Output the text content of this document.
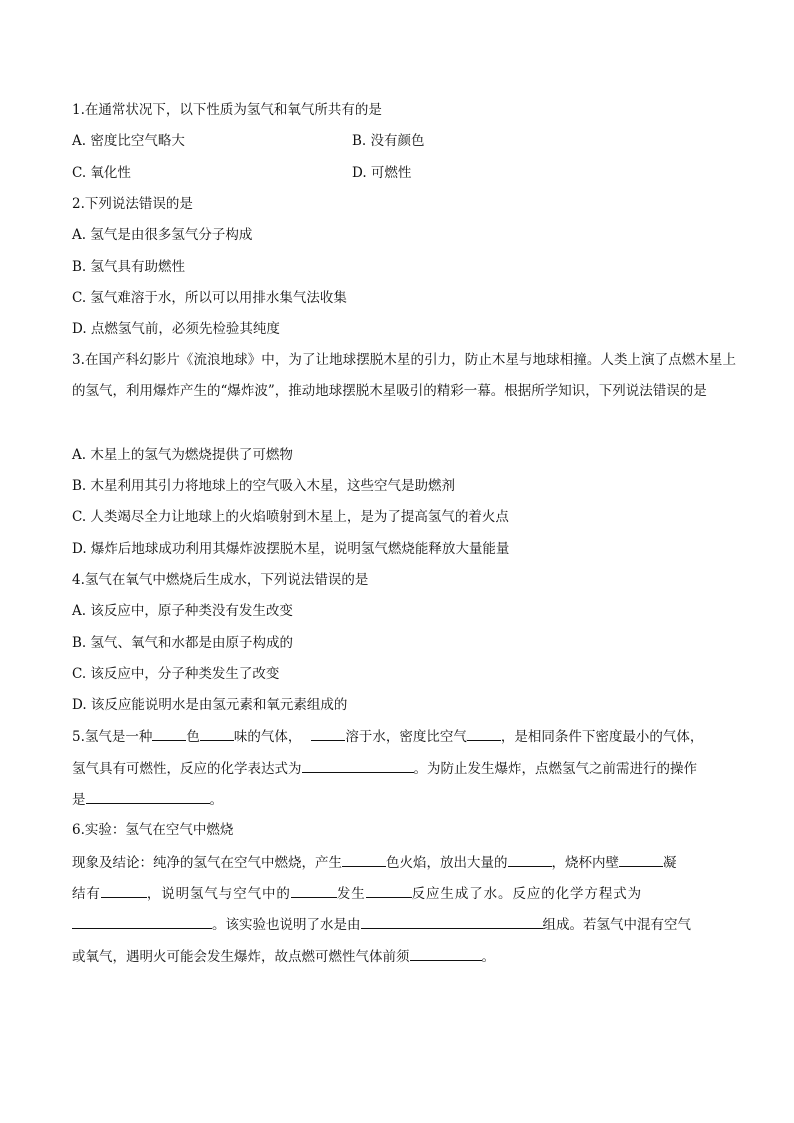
1.在通常状况下，以下性质为氢气和氧气所共有的是
A. 密度比空气略大	B. 没有颜色
C. 氧化性	D. 可燃性
2.下列说法错误的是
A. 氢气是由很多氢气分子构成
B. 氢气具有助燃性
C. 氢气难溶于水，所以可以用排水集气法收集
D. 点燃氢气前，必须先检验其纯度
3.在国产科幻影片《流浪地球》中，为了让地球摆脱木星的引力，防止木星与地球相撞。人类上演了点燃木星上的氢气，利用爆炸产生的“爆炸波”，推动地球摆脱木星吸引的精彩一幕。根据所学知识，下列说法错误的是
A. 木星上的氢气为燃烧提供了可燃物
B. 木星利用其引力将地球上的空气吸入木星，这些空气是助燃剂
C. 人类竭尽全力让地球上的火焰喷射到木星上，是为了提高氢气的着火点
D. 爆炸后地球成功利用其爆炸波摆脱木星，说明氢气燃烧能释放大量能量
4.氢气在氧气中燃烧后生成水，下列说法错误的是
A. 该反应中，原子种类没有发生改变
B. 氢气、氧气和水都是由原子构成的
C. 该反应中，分子种类发生了改变
D. 该反应能说明水是由氢元素和氧元素组成的
5.氢气是一种	色	味的气体，	溶于水，密度比空气	，是相同条件下密度最小的气体，
氢气具有可燃性，反应的化学表达式为	。为防止发生爆炸，点燃氢气之前需进行的操作
是	。
6.实验：氢气在空气中燃烧
现象及结论：纯净的氢气在空气中燃烧，产生	色火焰，放出大量的	，烧杯内壁	凝
结有	，说明氢气与空气中的	发生	反应生成了水。反应的化学方程式为
。该实验也说明了水是由	组成。若氢气中混有空气
或氧气，遇明火可能会发生爆炸，故点燃可燃性气体前须	。
